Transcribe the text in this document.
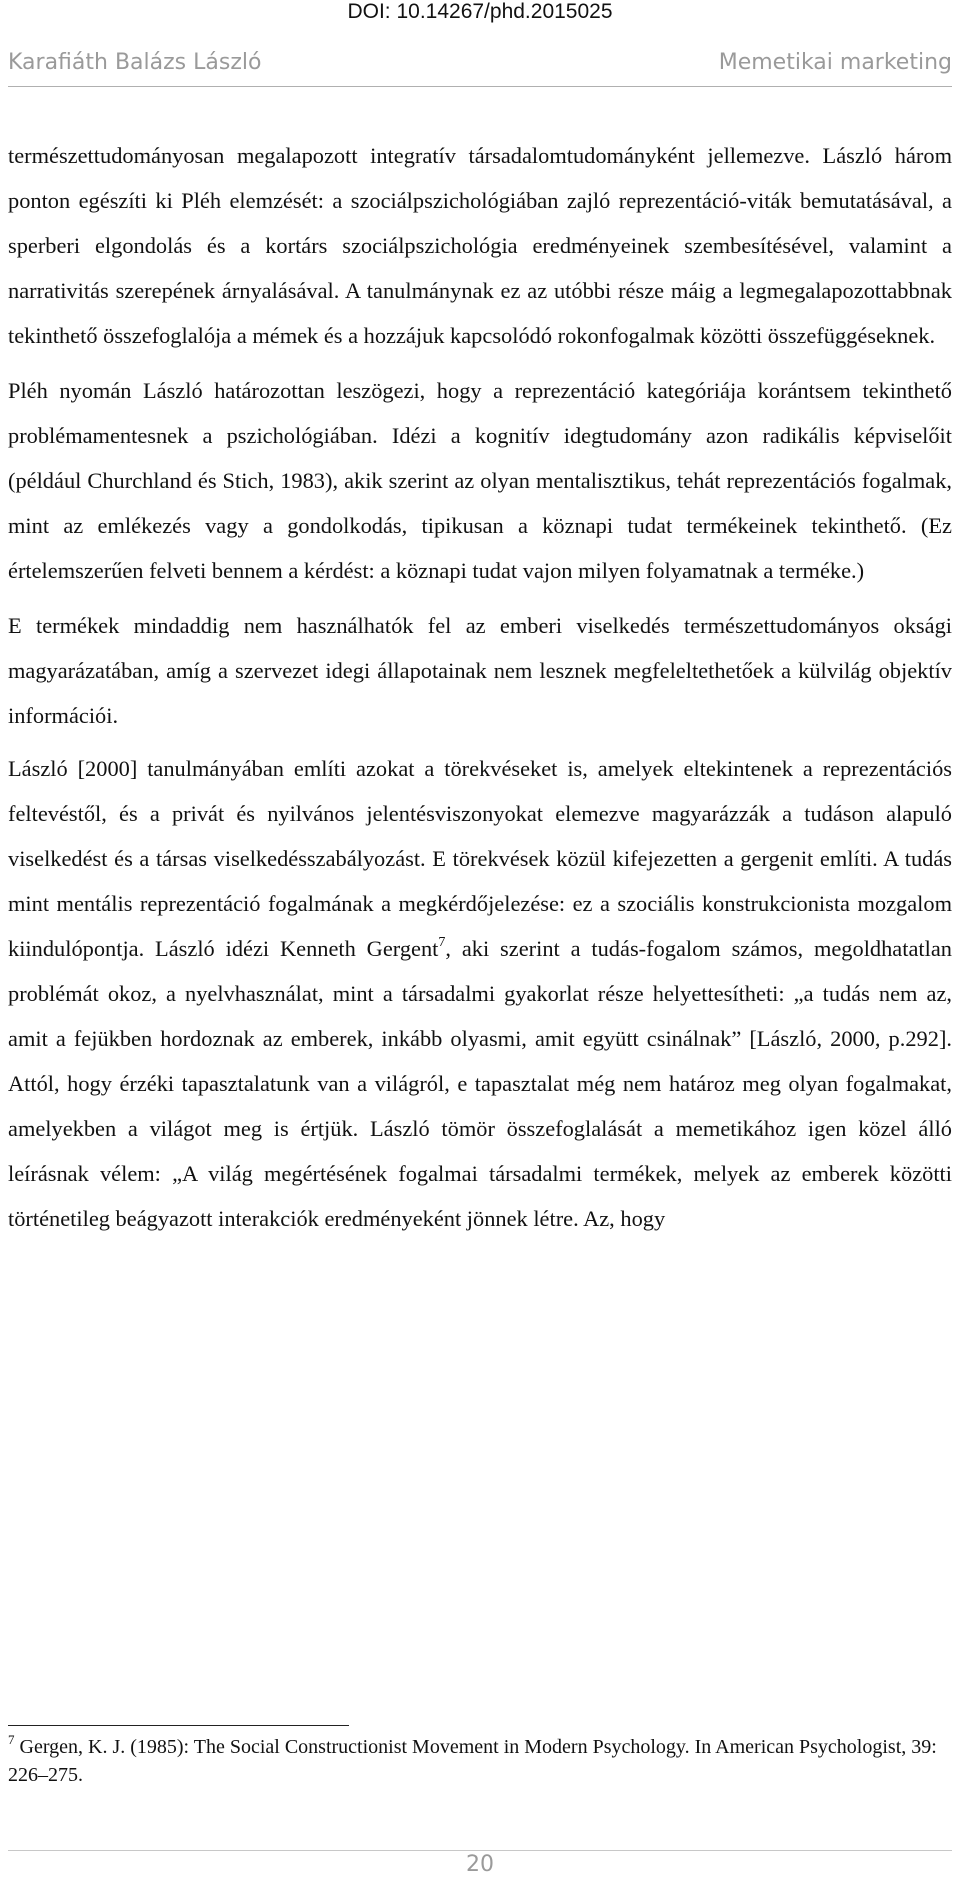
DOI: 10.14267/phd.2015025
Karafiáth Balázs László	Memetikai marketing

természettudományosan megalapozott integratív társadalomtudományként jellemezve. László három ponton egészíti ki Pléh elemzését: a szociálpszichológiában zajló reprezentáció-viták bemutatásával, a sperberi elgondolás és a kortárs szociálpszichológia eredményeinek szembesítésével, valamint a narrativitás szerepének árnyalásával. A tanulmánynak ez az utóbbi része máig a legmegalapozottabbnak tekinthető összefoglalója a mémek és a hozzájuk kapcsolódó rokonfogalmak közötti összefüggéseknek.

Pléh nyomán László határozottan leszögezi, hogy a reprezentáció kategóriája korántsem tekinthető problémamentesnek a pszichológiában. Idézi a kognitív idegtudomány azon radikális képviselőit (például Churchland és Stich, 1983), akik szerint az olyan mentalisztikus, tehát reprezentációs fogalmak, mint az emlékezés vagy a gondolkodás, tipikusan a köznapi tudat termékeinek tekinthető. (Ez értelemszerűen felveti bennem a kérdést: a köznapi tudat vajon milyen folyamatnak a terméke.)

E termékek mindaddig nem használhatók fel az emberi viselkedés természettudományos oksági magyarázatában, amíg a szervezet idegi állapotainak nem lesznek megfeleltethetőek a külvilág objektív információi.

László [2000] tanulmányában említi azokat a törekvéseket is, amelyek eltekintenek a reprezentációs feltevéstől, és a privát és nyilvános jelentésviszonyokat elemezve magyarázzák a tudáson alapuló viselkedést és a társas viselkedésszabályozást. E törekvések közül kifejezetten a gergenit említi. A tudás mint mentális reprezentáció fogalmának a megkérdőjelezése: ez a szociális konstrukcionista mozgalom kiindulópontja. László idézi Kenneth Gergent$^7$, aki szerint a tudás-fogalom számos, megoldhatatlan problémát okoz, a nyelvhasználat, mint a társadalmi gyakorlat része helyettesítheti: „a tudás nem az, amit a fejükben hordoznak az emberek, inkább olyasmi, amit együtt csinálnak” [László, 2000, p.292]. Attól, hogy érzéki tapasztalatunk van a világról, e tapasztalat még nem határoz meg olyan fogalmakat, amelyekben a világot meg is értjük. László tömör összefoglalását a memetikához igen közel álló leírásnak vélem: „A világ megértésének fogalmai társadalmi termékek, melyek az emberek közötti történetileg beágyazott interakciók eredményeként jönnek létre. Az, hogy

$^7$ Gergen, K. J. (1985): The Social Constructionist Movement in Modern Psychology. In American Psychologist, 39: 226–275.
20
